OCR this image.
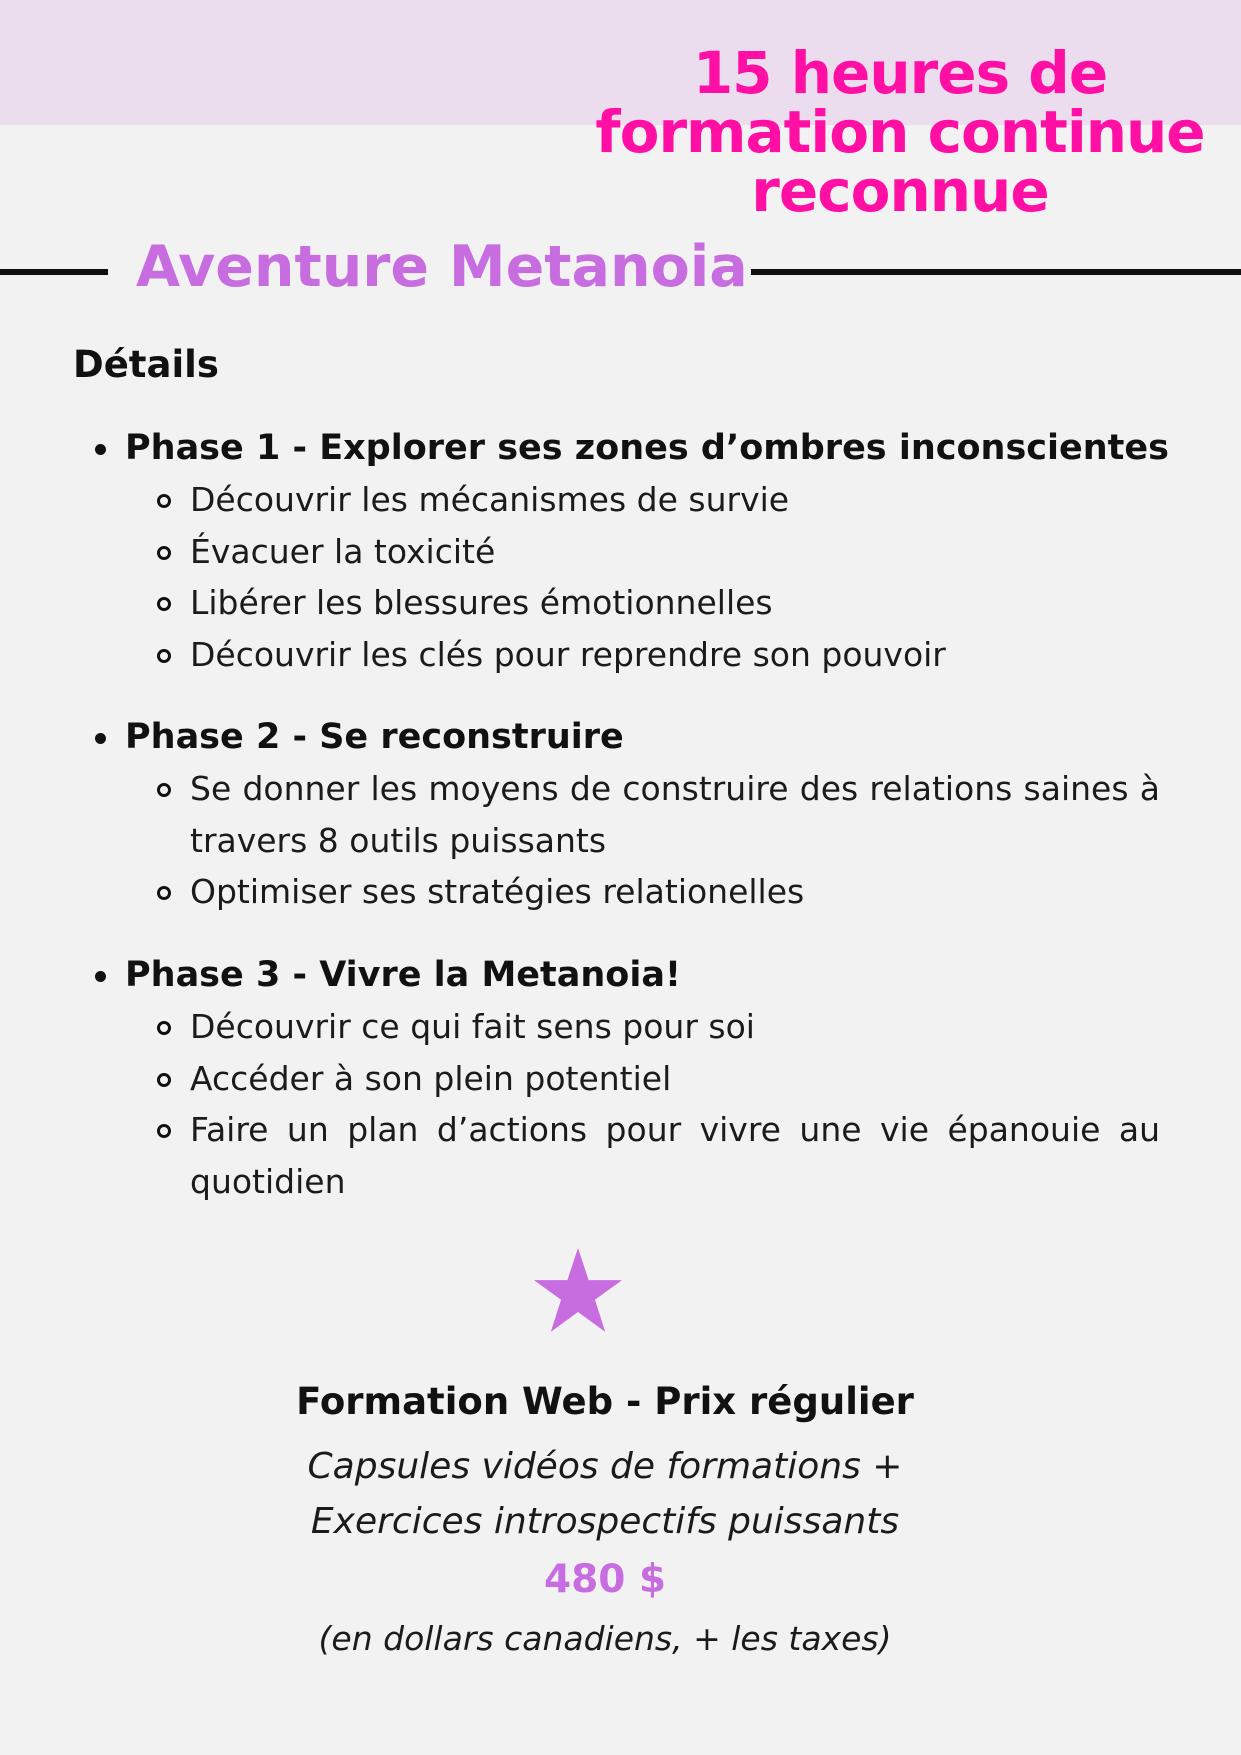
15 heures de
formation continue
reconnue
Aventure Metanoia
Détails
Phase 1 - Explorer ses zones d’ombres inconscientes
Découvrir les mécanismes de survie
Évacuer la toxicité
Libérer les blessures émotionnelles
Découvrir les clés pour reprendre son pouvoir
Phase 2 - Se reconstruire
Se donner les moyens de construire des relations saines à travers 8 outils puissants
Optimiser ses stratégies relationelles
Phase 3 - Vivre la Metanoia!
Découvrir ce qui fait sens pour soi
Accéder à son plein potentiel
Faire un plan d’actions pour vivre une vie épanouie au quotidien
Formation Web - Prix régulier

Capsules vidéos de formations +
Exercices introspectifs puissants

480 $
(en dollars canadiens, + les taxes)
